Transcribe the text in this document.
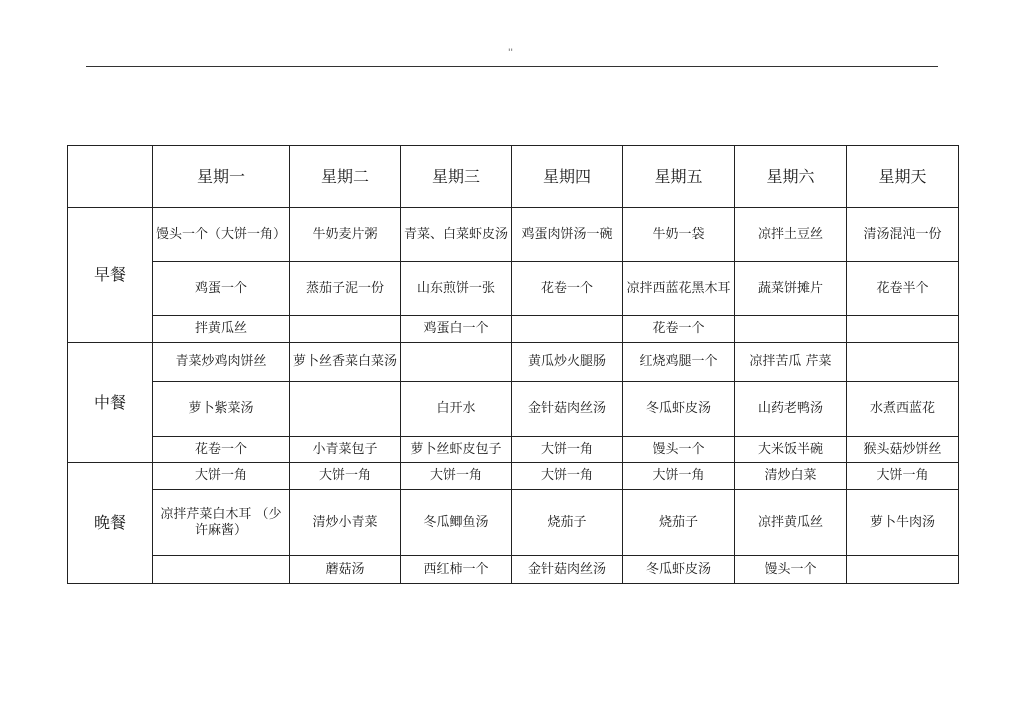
''
	星期一	星期二	星期三	星期四	星期五	星期六	星期天
早餐	馒头一个（大饼一角）	牛奶麦片粥	青菜、白菜虾皮汤	鸡蛋肉饼汤一碗	牛奶一袋	凉拌土豆丝	清汤混沌一份
	鸡蛋一个	蒸茄子泥一份	山东煎饼一张	花卷一个	凉拌西蓝花黑木耳	蔬菜饼摊片	花卷半个
	拌黄瓜丝		鸡蛋白一个		花卷一个		
中餐	青菜炒鸡肉饼丝	萝卜丝香菜白菜汤		黄瓜炒火腿肠	红烧鸡腿一个	凉拌苦瓜 芹菜	
	萝卜紫菜汤		白开水	金针菇肉丝汤	冬瓜虾皮汤	山药老鸭汤	水煮西蓝花
	花卷一个	小青菜包子	萝卜丝虾皮包子	大饼一角	馒头一个	大米饭半碗	猴头菇炒饼丝
晚餐	大饼一角	大饼一角	大饼一角	大饼一角	大饼一角	清炒白菜	大饼一角
	凉拌芹菜白木耳 （少许麻酱）	清炒小青菜	冬瓜鲫鱼汤	烧茄子	烧茄子	凉拌黄瓜丝	萝卜牛肉汤
		蘑菇汤	西红柿一个	金针菇肉丝汤	冬瓜虾皮汤	馒头一个	
